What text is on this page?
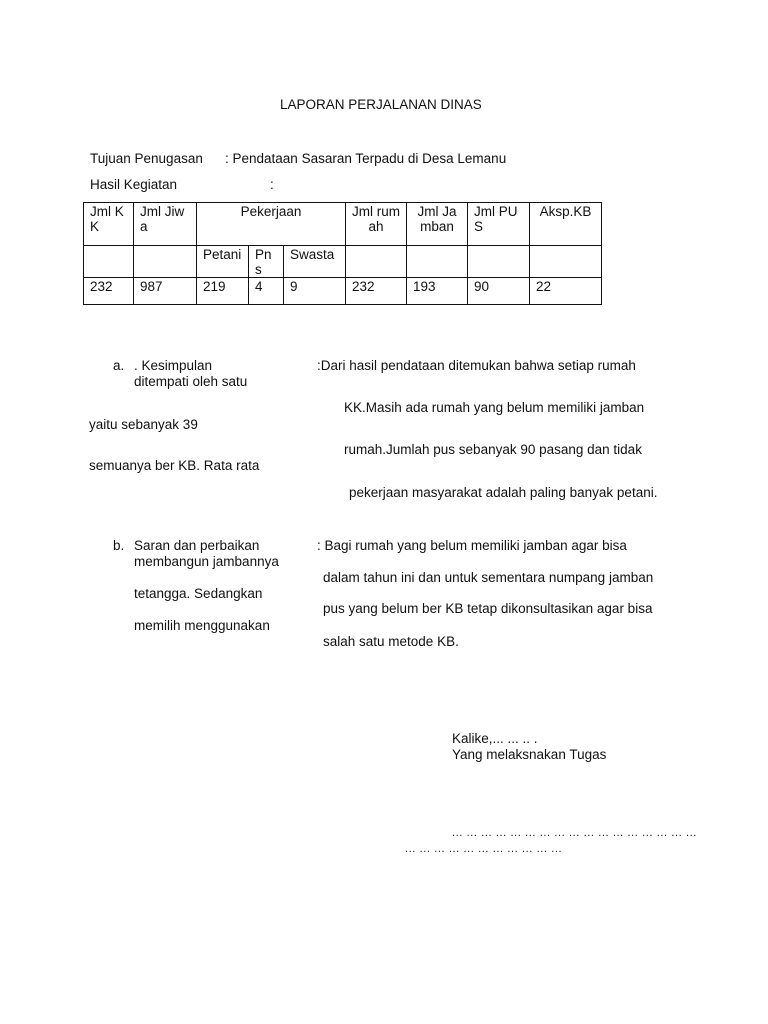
LAPORAN PERJALANAN DINAS
Tujuan Penugasan : Pendataan Sasaran Terpadu di Desa Lemanu
Hasil Kegiatan	:
Jml KK	Jml Jiwa	Pekerjaan			Jml rumah	Jml Jamban	Jml PUS	Aksp.KB
		Petani	Pns	Swasta				
232	987	219	4	9	232	193	90	22
a. . Kesimpulan
ditempati oleh satu
:Dari hasil pendataan ditemukan bahwa setiap rumah
KK.Masih ada rumah yang belum memiliki jamban
yaitu sebanyak 39
rumah.Jumlah pus sebanyak 90 pasang dan tidak
semuanya ber KB. Rata rata
pekerjaan masyarakat adalah paling banyak petani.
b. Saran dan perbaikan
membangun jambannya
: Bagi rumah yang belum memiliki jamban agar bisa
dalam tahun ini dan untuk sementara numpang jamban
tetangga. Sedangkan
pus yang belum ber KB tetap dikonsultasikan agar bisa
memilih menggunakan
salah satu metode KB.
Kalike,... ... .. .
Yang melaksnakan Tugas
... ... ... ... ... ... ... ... ... ... ... ... ... ... ... ... ...
... ... ... ... ... ... ... ... ... ... ...
